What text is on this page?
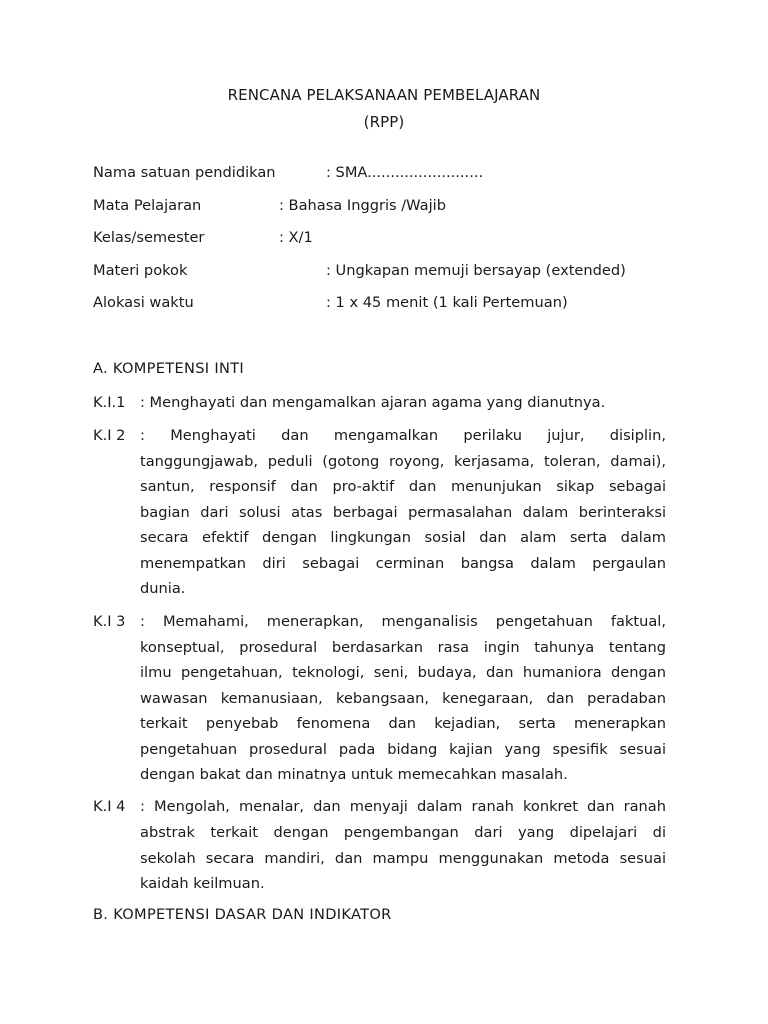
RENCANA PELAKSANAAN PEMBELAJARAN
(RPP)
Nama satuan pendidikan	: SMA.........................
Mata Pelajaran	: Bahasa Inggris /Wajib
Kelas/semester	: X/1
Materi pokok	: Ungkapan memuji bersayap (extended)
Alokasi waktu	: 1 x 45 menit (1 kali Pertemuan)
A. KOMPETENSI INTI
K.I.1 : Menghayati dan mengamalkan ajaran agama yang dianutnya.
K.I 2 : Menghayati dan mengamalkan perilaku jujur, disiplin,
tanggungjawab, peduli (gotong royong, kerjasama, toleran, damai),
santun, responsif dan pro-aktif dan menunjukan sikap sebagai
bagian dari solusi atas berbagai permasalahan dalam berinteraksi
secara efektif dengan lingkungan sosial dan alam serta dalam
menempatkan diri sebagai cerminan bangsa dalam pergaulan
dunia.
K.I 3 : Memahami, menerapkan, menganalisis pengetahuan faktual,
konseptual, prosedural berdasarkan rasa ingin tahunya tentang
ilmu pengetahuan, teknologi, seni, budaya, dan humaniora dengan
wawasan kemanusiaan, kebangsaan, kenegaraan, dan peradaban
terkait penyebab fenomena dan kejadian, serta menerapkan
pengetahuan prosedural pada bidang kajian yang spesifik sesuai
dengan bakat dan minatnya untuk memecahkan masalah.
K.I 4 : Mengolah, menalar, dan menyaji dalam ranah konkret dan ranah
abstrak terkait dengan pengembangan dari yang dipelajari di
sekolah secara mandiri, dan mampu menggunakan metoda sesuai
kaidah keilmuan.
B. KOMPETENSI DASAR DAN INDIKATOR
